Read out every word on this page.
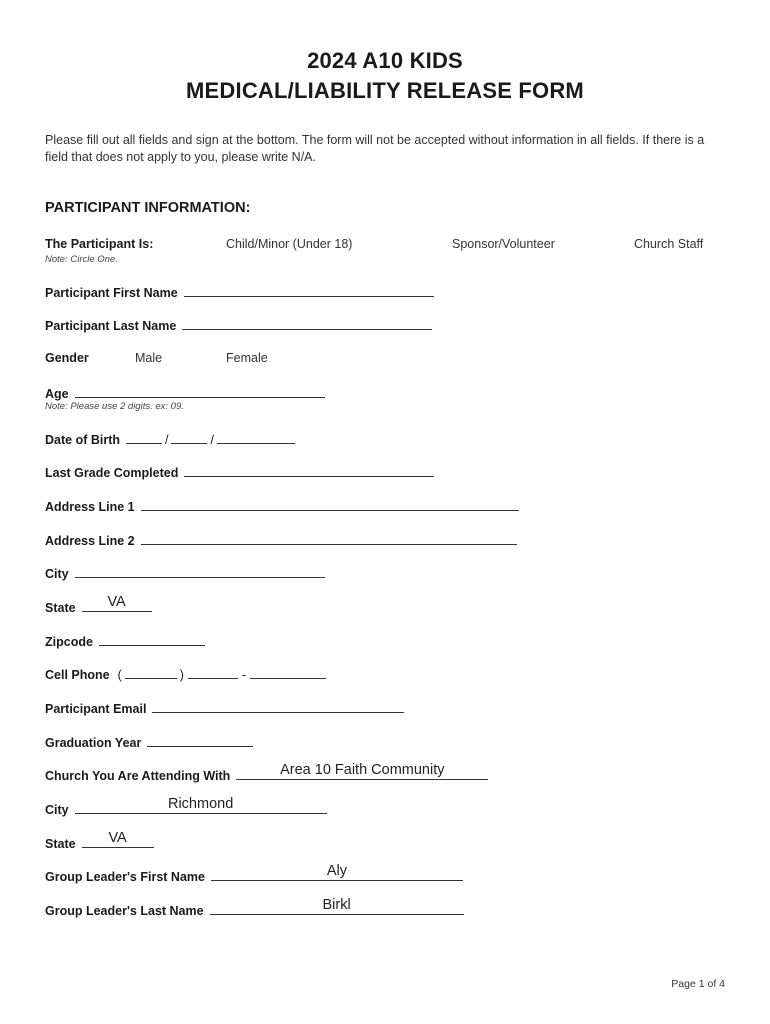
2024 A10 KIDS
MEDICAL/LIABILITY RELEASE FORM
Please fill out all fields and sign at the bottom. The form will not be accepted without information in all fields. If there is a field that does not apply to you, please write N/A.
PARTICIPANT INFORMATION:
The Participant Is:
Note: Circle One.
Child/Minor (Under 18)	Sponsor/Volunteer	Church Staff
Participant First Name
Participant Last Name
Gender	Male	Female
Age
Note: Please use 2 digits. ex: 09.
Date of Birth	/	/
Last Grade Completed
Address Line 1
Address Line 2
City
State	VA
Zipcode
Cell Phone (	)	-
Participant Email
Graduation Year
Church You Are Attending With	Area 10 Faith Community
City	Richmond
State	VA
Group Leader's First Name	Aly
Group Leader's Last Name	Birkl
Page 1 of 4
